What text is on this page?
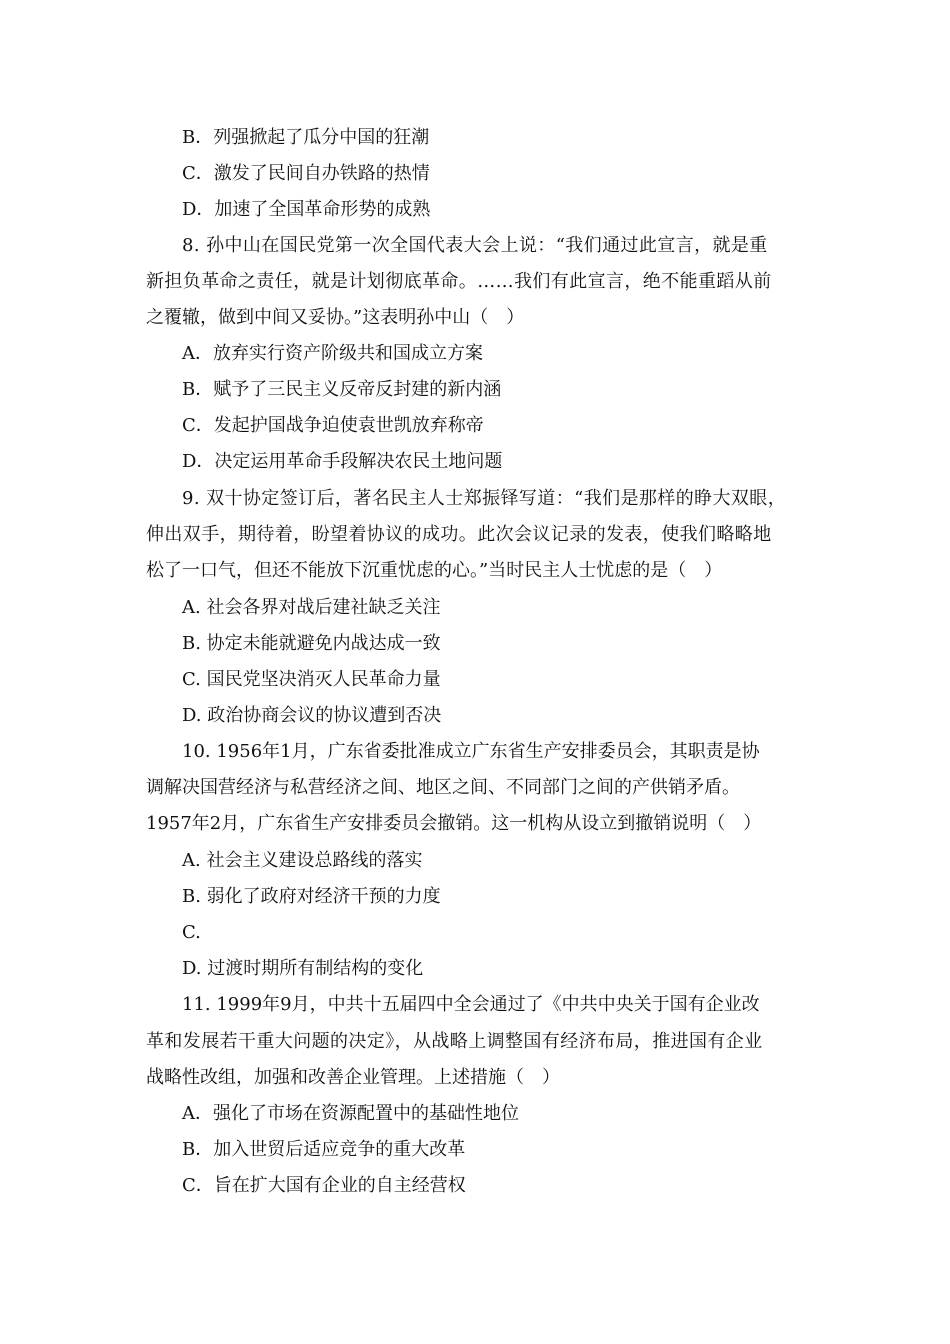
B．列强掀起了瓜分中国的狂潮
C．激发了民间自办铁路的热情
D．加速了全国革命形势的成熟
8. 孙中山在国民党第一次全国代表大会上说：“我们通过此宣言，就是重
新担负革命之责任，就是计划彻底革命。……我们有此宣言，绝不能重蹈从前
之覆辙，做到中间又妥协。”这表明孙中山（　）
A．放弃实行资产阶级共和国成立方案
B．赋予了三民主义反帝反封建的新内涵
C．发起护国战争迫使袁世凯放弃称帝
D．决定运用革命手段解决农民土地问题
9. 双十协定签订后，著名民主人士郑振铎写道：“我们是那样的睁大双眼，
伸出双手，期待着，盼望着协议的成功。此次会议记录的发表，使我们略略地
松了一口气，但还不能放下沉重忧虑的心。”当时民主人士忧虑的是（　）
A. 社会各界对战后建社缺乏关注
B. 协定未能就避免内战达成一致
C. 国民党坚决消灭人民革命力量
D. 政治协商会议的协议遭到否决
10. 1956年1月，广东省委批准成立广东省生产安排委员会，其职责是协
调解决国营经济与私营经济之间、地区之间、不同部门之间的产供销矛盾。
1957年2月，广东省生产安排委员会撤销。这一机构从设立到撤销说明（　）
A. 社会主义建设总路线的落实
B. 弱化了政府对经济干预的力度
C.
D. 过渡时期所有制结构的变化
11. 1999年9月，中共十五届四中全会通过了《中共中央关于国有企业改
革和发展若干重大问题的决定》，从战略上调整国有经济布局，推进国有企业
战略性改组，加强和改善企业管理。上述措施（　）
A．强化了市场在资源配置中的基础性地位
B．加入世贸后适应竞争的重大改革
C．旨在扩大国有企业的自主经营权
